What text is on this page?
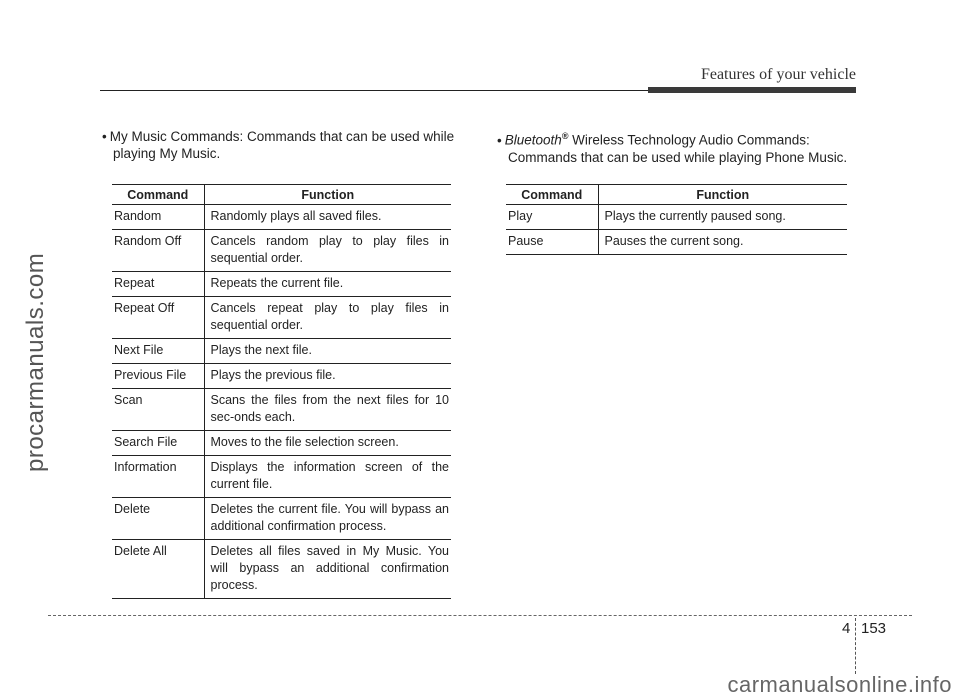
Features of your vehicle
procarmanuals.com
• My Music Commands: Commands that can be used while
playing My Music.
• Bluetooth® Wireless Technology Audio Commands:
Commands that can be used while playing Phone Music.
Command	Function
Random	Randomly plays all saved files.
Random Off	Cancels random play to play files in sequential order.
Repeat	Repeats the current file.
Repeat Off	Cancels repeat play to play files in sequential order.
Next File	Plays the next file.
Previous File	Plays the previous file.
Scan	Scans the files from the next files for 10 sec-onds each.
Search File	Moves to the file selection screen.
Information	Displays the information screen of the current file.
Delete	Deletes the current file. You will bypass an additional confirmation process.
Delete All	Deletes all files saved in My Music. You will bypass an additional confirmation process.
Command	Function
Play	Plays the currently paused song.
Pause	Pauses the current song.
4 153
carmanualsonline.info
